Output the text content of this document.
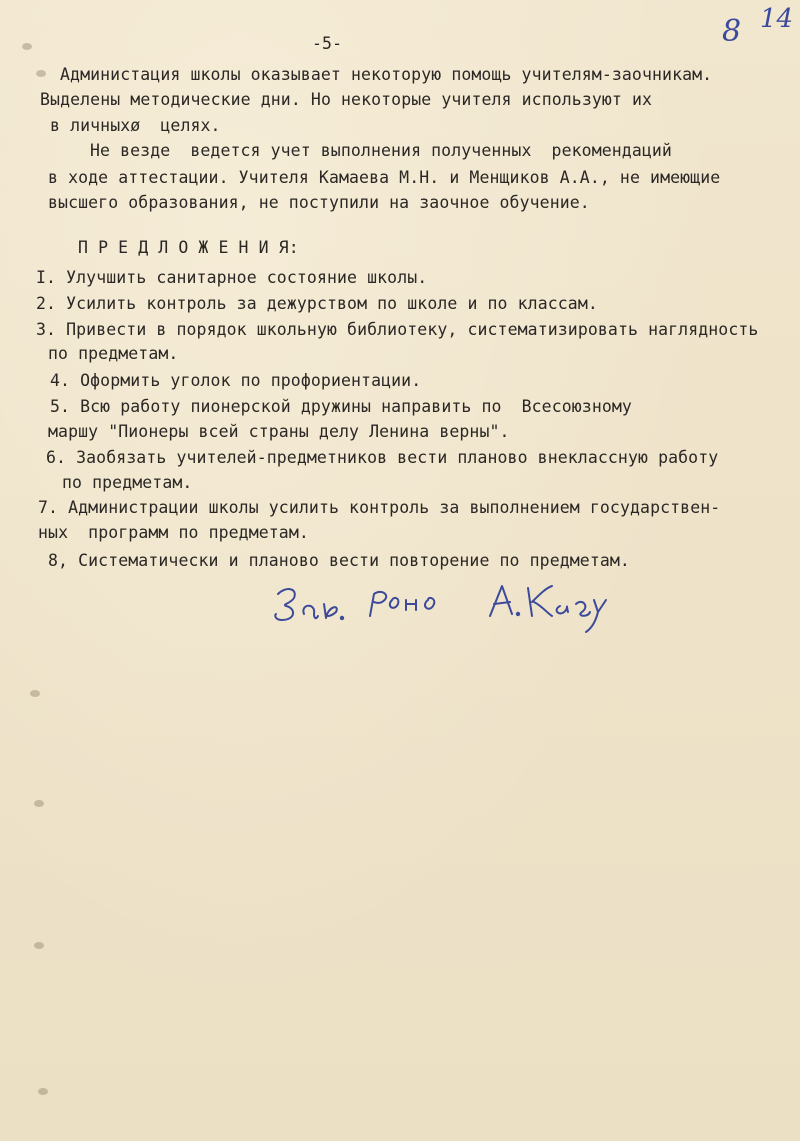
-5-	8 14
Администация школы оказывает некоторую помощь учителям-заочникам.
Выделены методические дни. Но некоторые учителя используют их
в личныхø  целях.
Не везде  ведется учет выполнения полученных  рекомендаций
в ходе аттестации. Учителя Камаева М.Н. и Менщиков А.А., не имеющие
высшего образования, не поступили на заочное обучение.
П Р Е Д Л О Ж Е Н И Я:
I. Улучшить санитарное состояние школы.
2. Усилить контроль за дежурством по школе и по классам.
3. Привести в порядок школьную библиотеку, систематизировать наглядность
по предметам.
4. Оформить уголок по профориентации.
5. Всю работу пионерской дружины направить по  Всесоюзному
маршу "Пионеры всей страны делу Ленина верны".
6. Заобязать учителей-предметников вести планово внеклассную работу
по предметам.
7. Администрации школы усилить контроль за выполнением государствен-
ных  программ по предметам.
8, Систематически и планово вести повторение по предметам.
